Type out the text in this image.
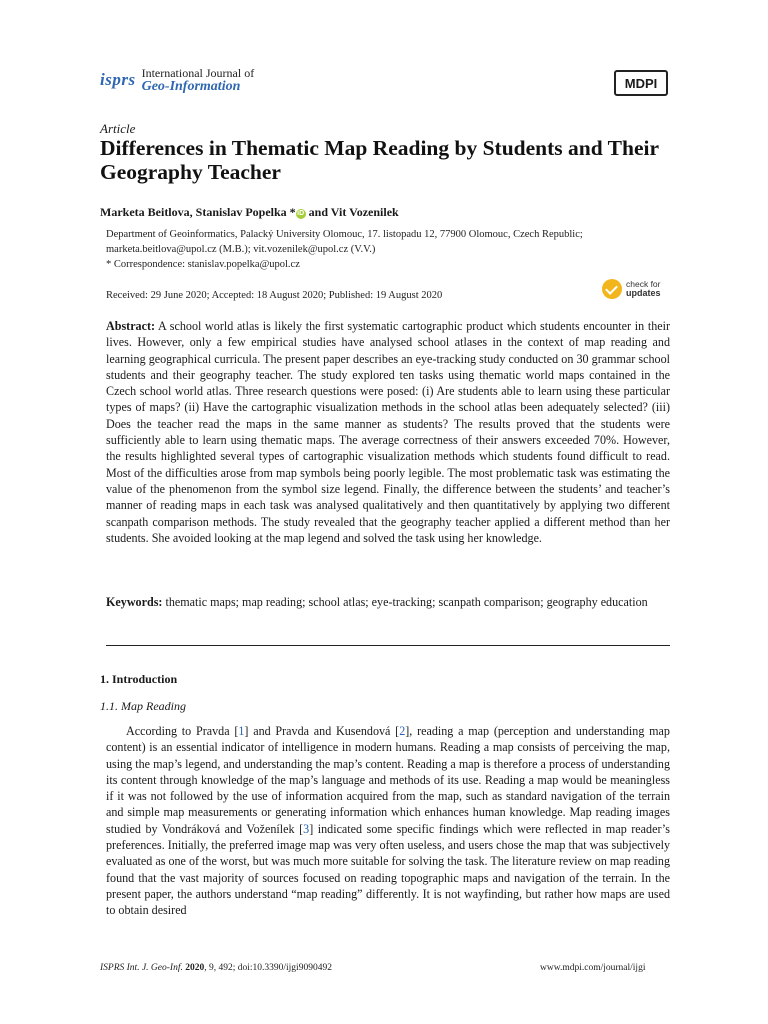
isprs International Journal of
Geo-Information	MDPI
Article
Differences in Thematic Map Reading by Students and Their Geography Teacher
Marketa Beitlova, Stanislav Popelka * iD and Vit Vozenilek

Department of Geoinformatics, Palacký University Olomouc, 17. listopadu 12, 77900 Olomouc, Czech Republic;

marketa.beitlova@upol.cz (M.B.); vit.vozenilek@upol.cz (V.V.)

* Correspondence: stanislav.popelka@upol.cz

Received: 29 June 2020; Accepted: 18 August 2020; Published: 19 August 2020
check for
updates
Abstract: A school world atlas is likely the first systematic cartographic product which students encounter in their lives. However, only a few empirical studies have analysed school atlases in the context of map reading and learning geographical curricula. The present paper describes an eye-tracking study conducted on 30 grammar school students and their geography teacher. The study explored ten tasks using thematic world maps contained in the Czech school world atlas. Three research questions were posed: (i) Are students able to learn using these particular types of maps? (ii) Have the cartographic visualization methods in the school atlas been adequately selected? (iii) Does the teacher read the maps in the same manner as students? The results proved that the students were sufficiently able to learn using thematic maps. The average correctness of their answers exceeded 70%. However, the results highlighted several types of cartographic visualization methods which students found difficult to read. Most of the difficulties arose from map symbols being poorly legible. The most problematic task was estimating the value of the phenomenon from the symbol size legend. Finally, the difference between the students’ and teacher’s manner of reading maps in each task was analysed qualitatively and then quantitatively by applying two different scanpath comparison methods. The study revealed that the geography teacher applied a different method than her students. She avoided looking at the map legend and solved the task using her knowledge.
Keywords: thematic maps; map reading; school atlas; eye-tracking; scanpath comparison; geography education
1. Introduction
1.1. Map Reading
According to Pravda [1] and Pravda and Kusendová [2], reading a map (perception and understanding map content) is an essential indicator of intelligence in modern humans. Reading a map consists of perceiving the map, using the map’s legend, and understanding the map’s content. Reading a map is therefore a process of understanding its content through knowledge of the map’s language and methods of its use. Reading a map would be meaningless if it was not followed by the use of information acquired from the map, such as standard navigation of the terrain and simple map measurements or generating information which enhances human knowledge. Map reading images studied by Vondráková and Voženílek [3] indicated some specific findings which were reflected in map reader’s preferences. Initially, the preferred image map was very often useless, and users chose the map that was subjectively evaluated as one of the worst, but was much more suitable for solving the task. The literature review on map reading found that the vast majority of sources focused on reading topographic maps and navigation of the terrain. In the present paper, the authors understand “map reading” differently. It is not wayfinding, but rather how maps are used to obtain desired
ISPRS Int. J. Geo-Inf. 2020, 9, 492; doi:10.3390/ijgi9090492	www.mdpi.com/journal/ijgi
